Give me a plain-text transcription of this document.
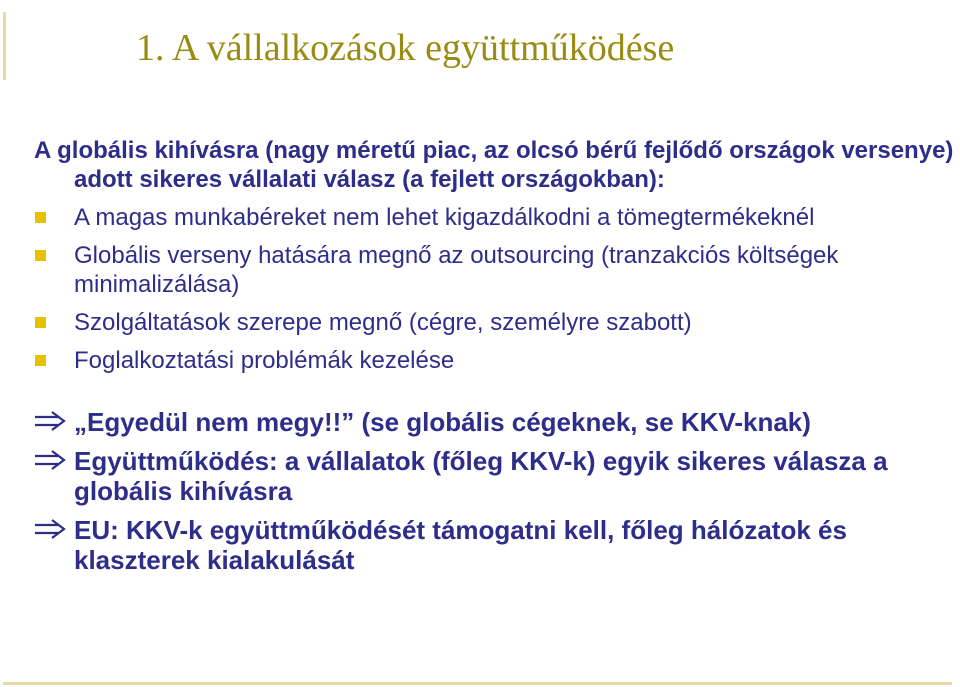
1. A vállalkozások együttműködése

A globális kihívásra (nagy méretű piac, az olcsó bérű fejlődő országok versenye) adott sikeres vállalati válasz (a fejlett országokban):

A magas munkabéreket nem lehet kigazdálkodni a tömegtermékeknél
Globális verseny hatására megnő az outsourcing (tranzakciós költségek minimalizálása)
Szolgáltatások szerepe megnő (cégre, személyre szabott)
Foglalkoztatási problémák kezelése
„Egyedül nem megy!!” (se globális cégeknek, se KKV-knak)
Együttműködés: a vállalatok (főleg KKV-k) egyik sikeres válasza a globális kihívásra
EU: KKV-k együttműködését támogatni kell, főleg hálózatok és klaszterek kialakulását
